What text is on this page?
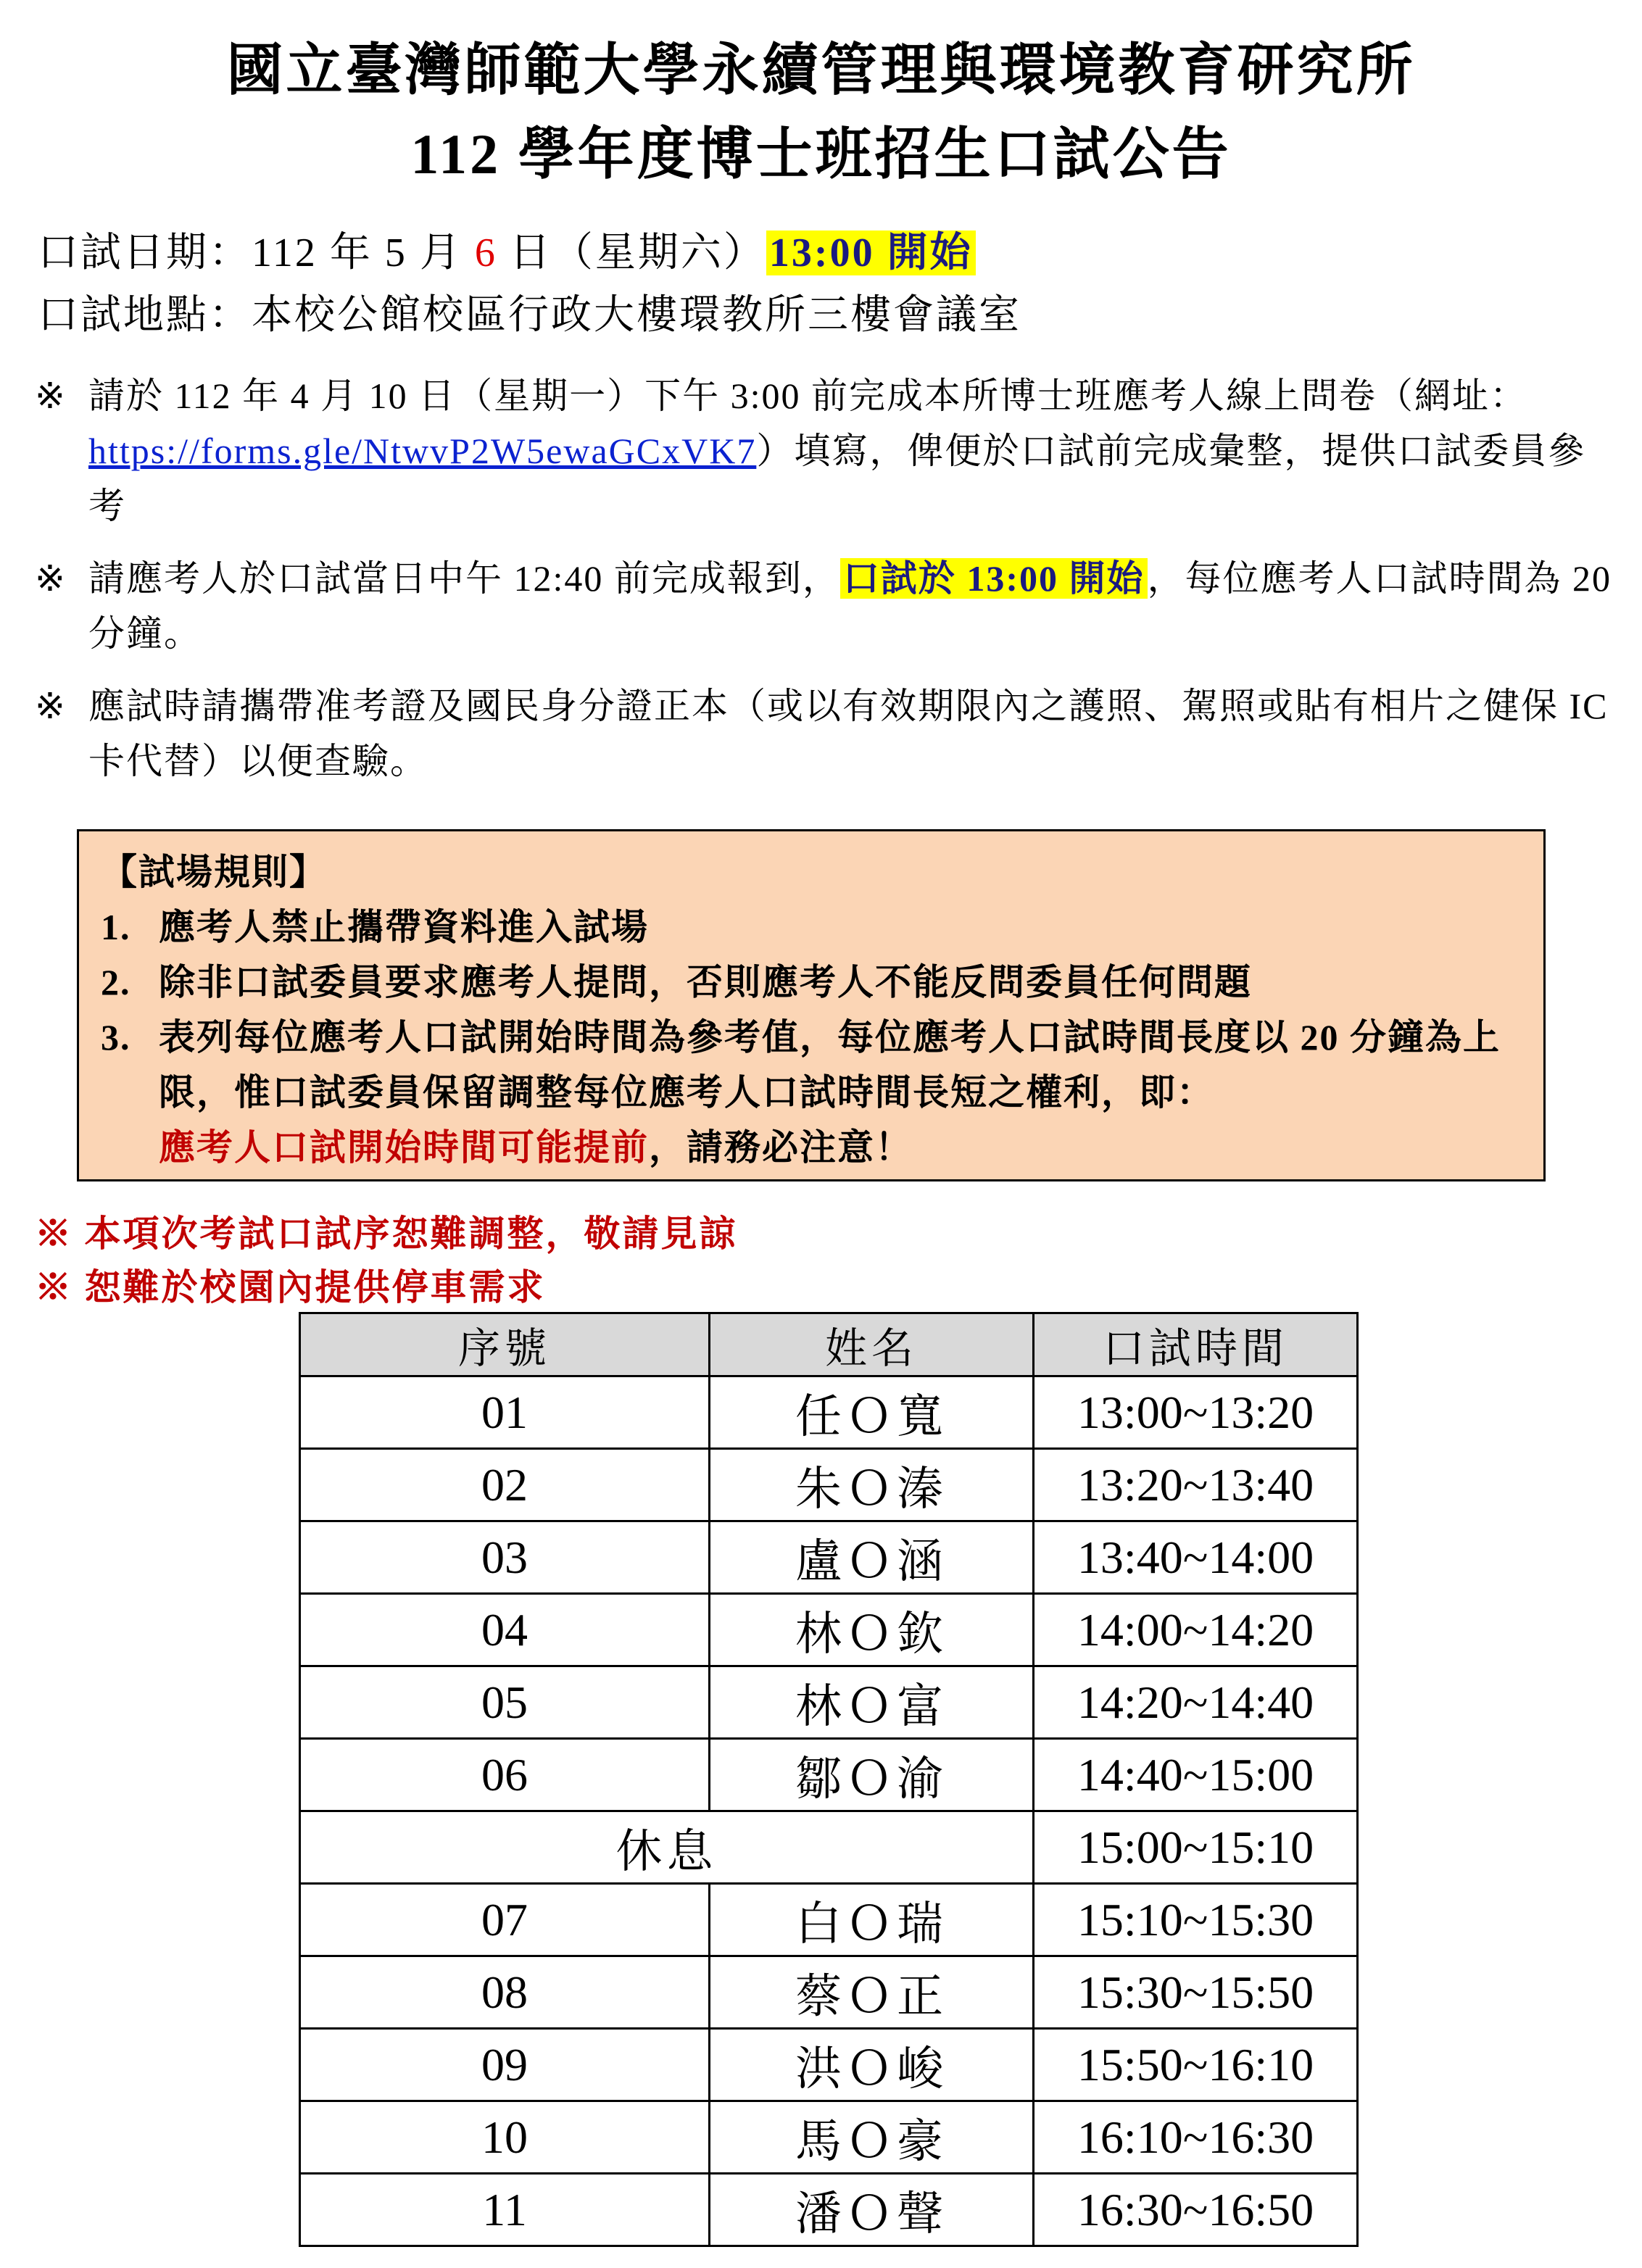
國立臺灣師範大學永續管理與環境教育研究所
112 學年度博士班招生口試公告
口試日期：112 年 5 月 6 日（星期六）13:00 開始
口試地點：本校公館校區行政大樓環教所三樓會議室
※ 請於 112 年 4 月 10 日（星期一）下午 3:00 前完成本所博士班應考人線上問卷（網址：https://forms.gle/NtwvP2W5ewaGCxVK7）填寫，俾便於口試前完成彙整，提供口試委員參考
※ 請應考人於口試當日中午 12:40 前完成報到，口試於 13:00 開始，每位應考人口試時間為 20 分鐘。
※ 應試時請攜帶准考證及國民身分證正本（或以有效期限內之護照、駕照或貼有相片之健保 IC 卡代替）以便查驗。
【試場規則】
1. 應考人禁止攜帶資料進入試場
2. 除非口試委員要求應考人提問，否則應考人不能反問委員任何問題
3. 表列每位應考人口試開始時間為參考值，每位應考人口試時間長度以 20 分鐘為上限，惟口試委員保留調整每位應考人口試時間長短之權利，即：
應考人口試開始時間可能提前，請務必注意！
※ 本項次考試口試序恕難調整，敬請見諒
※ 恕難於校園內提供停車需求
序號	姓名	口試時間
01	任Ｏ寬	13:00~13:20
02	朱Ｏ溱	13:20~13:40
03	盧Ｏ涵	13:40~14:00
04	林Ｏ欽	14:00~14:20
05	林Ｏ富	14:20~14:40
06	鄒Ｏ渝	14:40~15:00
休息		15:00~15:10
07	白Ｏ瑞	15:10~15:30
08	蔡Ｏ正	15:30~15:50
09	洪Ｏ峻	15:50~16:10
10	馬Ｏ豪	16:10~16:30
11	潘Ｏ聲	16:30~16:50
